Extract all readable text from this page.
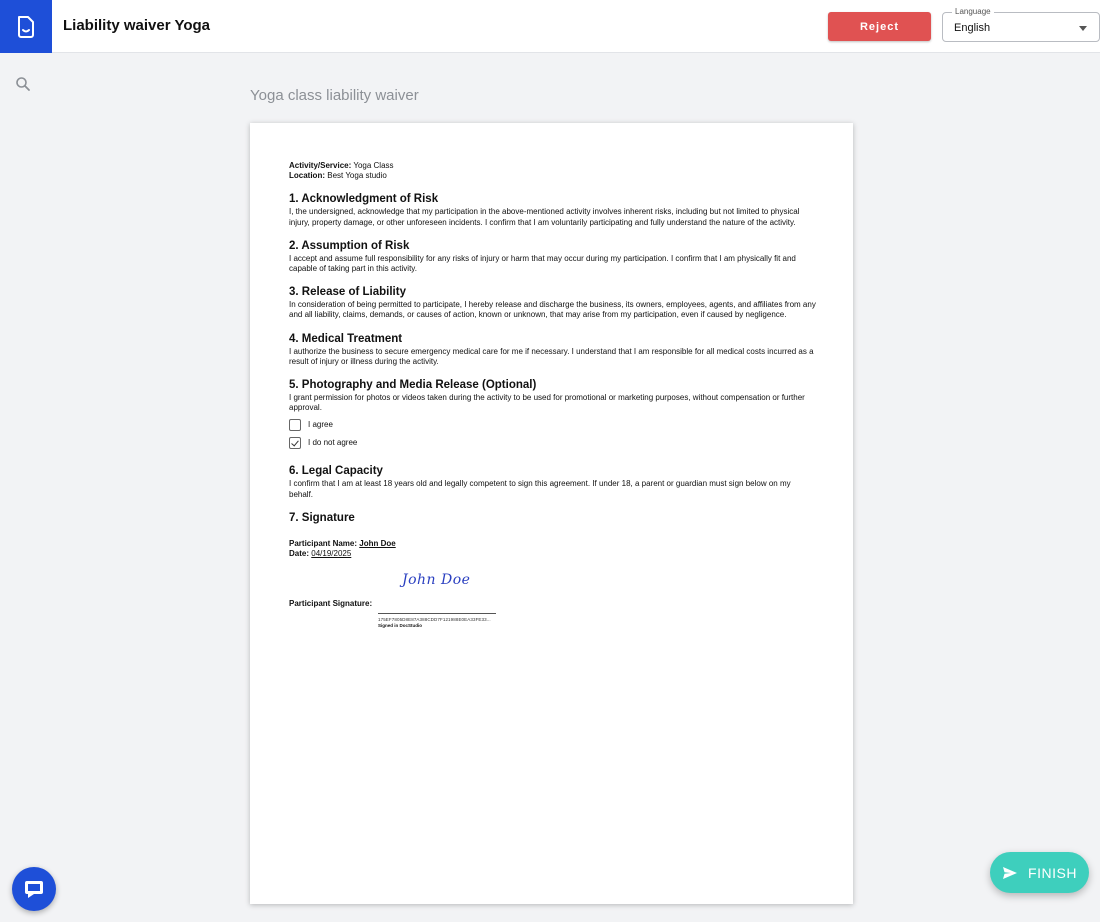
Liability waiver Yoga	Reject
Language
English
Yoga class liability waiver
Activity/Service: Yoga Class
Location: Best Yoga studio
1. Acknowledgment of Risk

I, the undersigned, acknowledge that my participation in the above-mentioned activity involves inherent risks, including but not limited to physical injury, property damage, or other unforeseen incidents. I confirm that I am voluntarily participating and fully understand the nature of the activity.

2. Assumption of Risk

I accept and assume full responsibility for any risks of injury or harm that may occur during my participation. I confirm that I am physically fit and capable of taking part in this activity.

3. Release of Liability

In consideration of being permitted to participate, I hereby release and discharge the business, its owners, employees, agents, and affiliates from any and all liability, claims, demands, or causes of action, known or unknown, that may arise from my participation, even if caused by negligence.

4. Medical Treatment

I authorize the business to secure emergency medical care for me if necessary. I understand that I am responsible for all medical costs incurred as a result of injury or illness during the activity.

5. Photography and Media Release (Optional)

I grant permission for photos or videos taken during the activity to be used for promotional or marketing purposes, without compensation or further approval.

I agree
I do not agree
6. Legal Capacity

I confirm that I am at least 18 years old and legally competent to sign this agreement. If under 18, a parent or guardian must sign below on my behalf.

7. Signature
Participant Name: John Doe
Date: 04/19/2025
Participant Signature:
John Doe
175EF7805D8E87A388CDD7F121988E0EA33FE33...
Signed in DocStudio
FINISH
